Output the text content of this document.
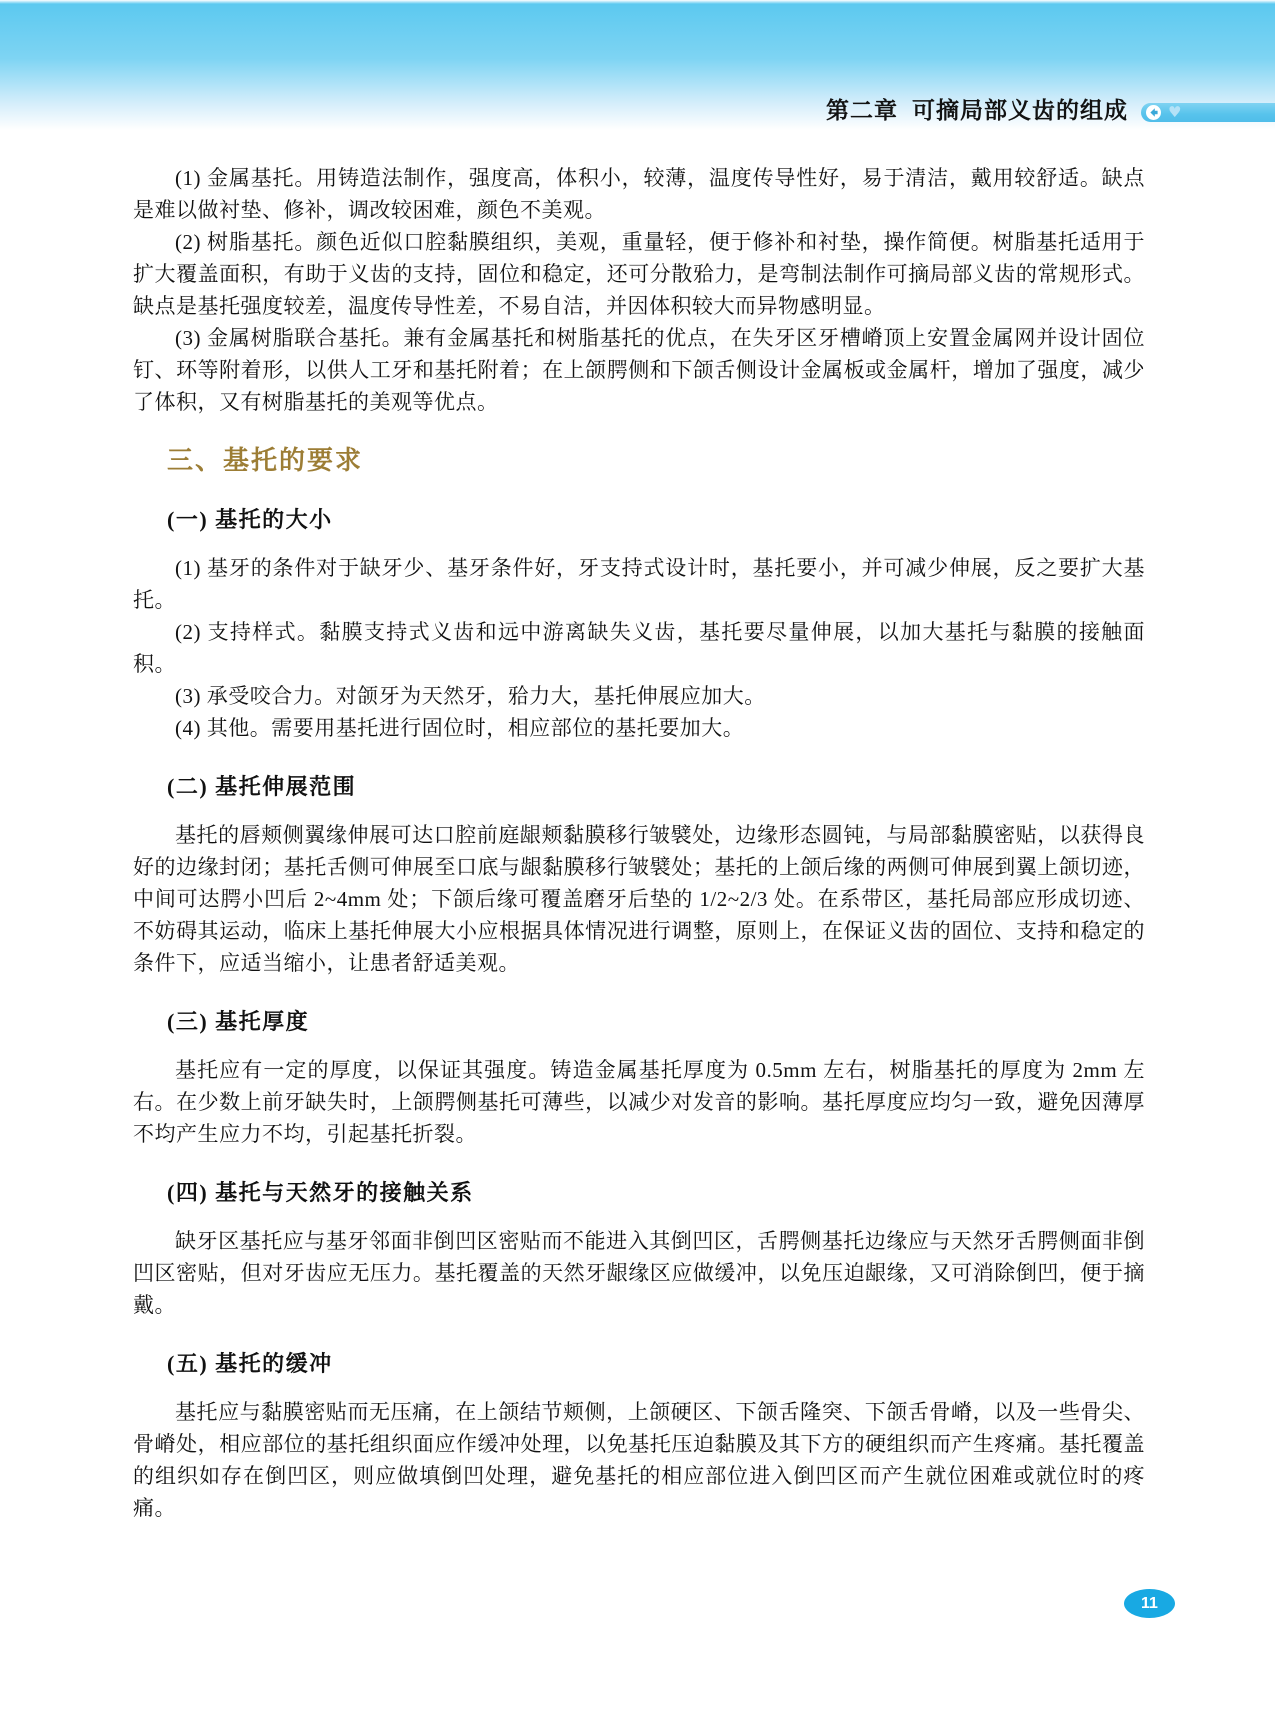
第二章 可摘局部义齿的组成	♥

(1) 金属基托。用铸造法制作，强度高，体积小，较薄，温度传导性好，易于清洁，戴用较舒适。缺点是难以做衬垫、修补，调改较困难，颜色不美观。

(2) 树脂基托。颜色近似口腔黏膜组织，美观，重量轻，便于修补和衬垫，操作简便。树脂基托适用于扩大覆盖面积，有助于义齿的支持，固位和稳定，还可分散𬌗力，是弯制法制作可摘局部义齿的常规形式。缺点是基托强度较差，温度传导性差，不易自洁，并因体积较大而异物感明显。

(3) 金属树脂联合基托。兼有金属基托和树脂基托的优点，在失牙区牙槽嵴顶上安置金属网并设计固位钉、环等附着形，以供人工牙和基托附着；在上颌腭侧和下颌舌侧设计金属板或金属杆，增加了强度，减少了体积，又有树脂基托的美观等优点。

三、基托的要求
(一) 基托的大小

(1) 基牙的条件对于缺牙少、基牙条件好，牙支持式设计时，基托要小，并可减少伸展，反之要扩大基托。

(2) 支持样式。黏膜支持式义齿和远中游离缺失义齿，基托要尽量伸展，以加大基托与黏膜的接触面积。

(3) 承受咬合力。对颌牙为天然牙，𬌗力大，基托伸展应加大。

(4) 其他。需要用基托进行固位时，相应部位的基托要加大。

(二) 基托伸展范围

基托的唇颊侧翼缘伸展可达口腔前庭龈颊黏膜移行皱襞处，边缘形态圆钝，与局部黏膜密贴，以获得良好的边缘封闭；基托舌侧可伸展至口底与龈黏膜移行皱襞处；基托的上颌后缘的两侧可伸展到翼上颌切迹，中间可达腭小凹后 2~4mm 处；下颌后缘可覆盖磨牙后垫的 1/2~2/3 处。在系带区，基托局部应形成切迹、不妨碍其运动，临床上基托伸展大小应根据具体情况进行调整，原则上，在保证义齿的固位、支持和稳定的条件下，应适当缩小，让患者舒适美观。

(三) 基托厚度

基托应有一定的厚度，以保证其强度。铸造金属基托厚度为 0.5mm 左右，树脂基托的厚度为 2mm 左右。在少数上前牙缺失时，上颌腭侧基托可薄些，以减少对发音的影响。基托厚度应均匀一致，避免因薄厚不均产生应力不均，引起基托折裂。

(四) 基托与天然牙的接触关系

缺牙区基托应与基牙邻面非倒凹区密贴而不能进入其倒凹区，舌腭侧基托边缘应与天然牙舌腭侧面非倒凹区密贴，但对牙齿应无压力。基托覆盖的天然牙龈缘区应做缓冲，以免压迫龈缘，又可消除倒凹，便于摘戴。

(五) 基托的缓冲

基托应与黏膜密贴而无压痛，在上颌结节颊侧，上颌硬区、下颌舌隆突、下颌舌骨嵴，以及一些骨尖、骨嵴处，相应部位的基托组织面应作缓冲处理，以免基托压迫黏膜及其下方的硬组织而产生疼痛。基托覆盖的组织如存在倒凹区，则应做填倒凹处理，避免基托的相应部位进入倒凹区而产生就位困难或就位时的疼痛。

11
